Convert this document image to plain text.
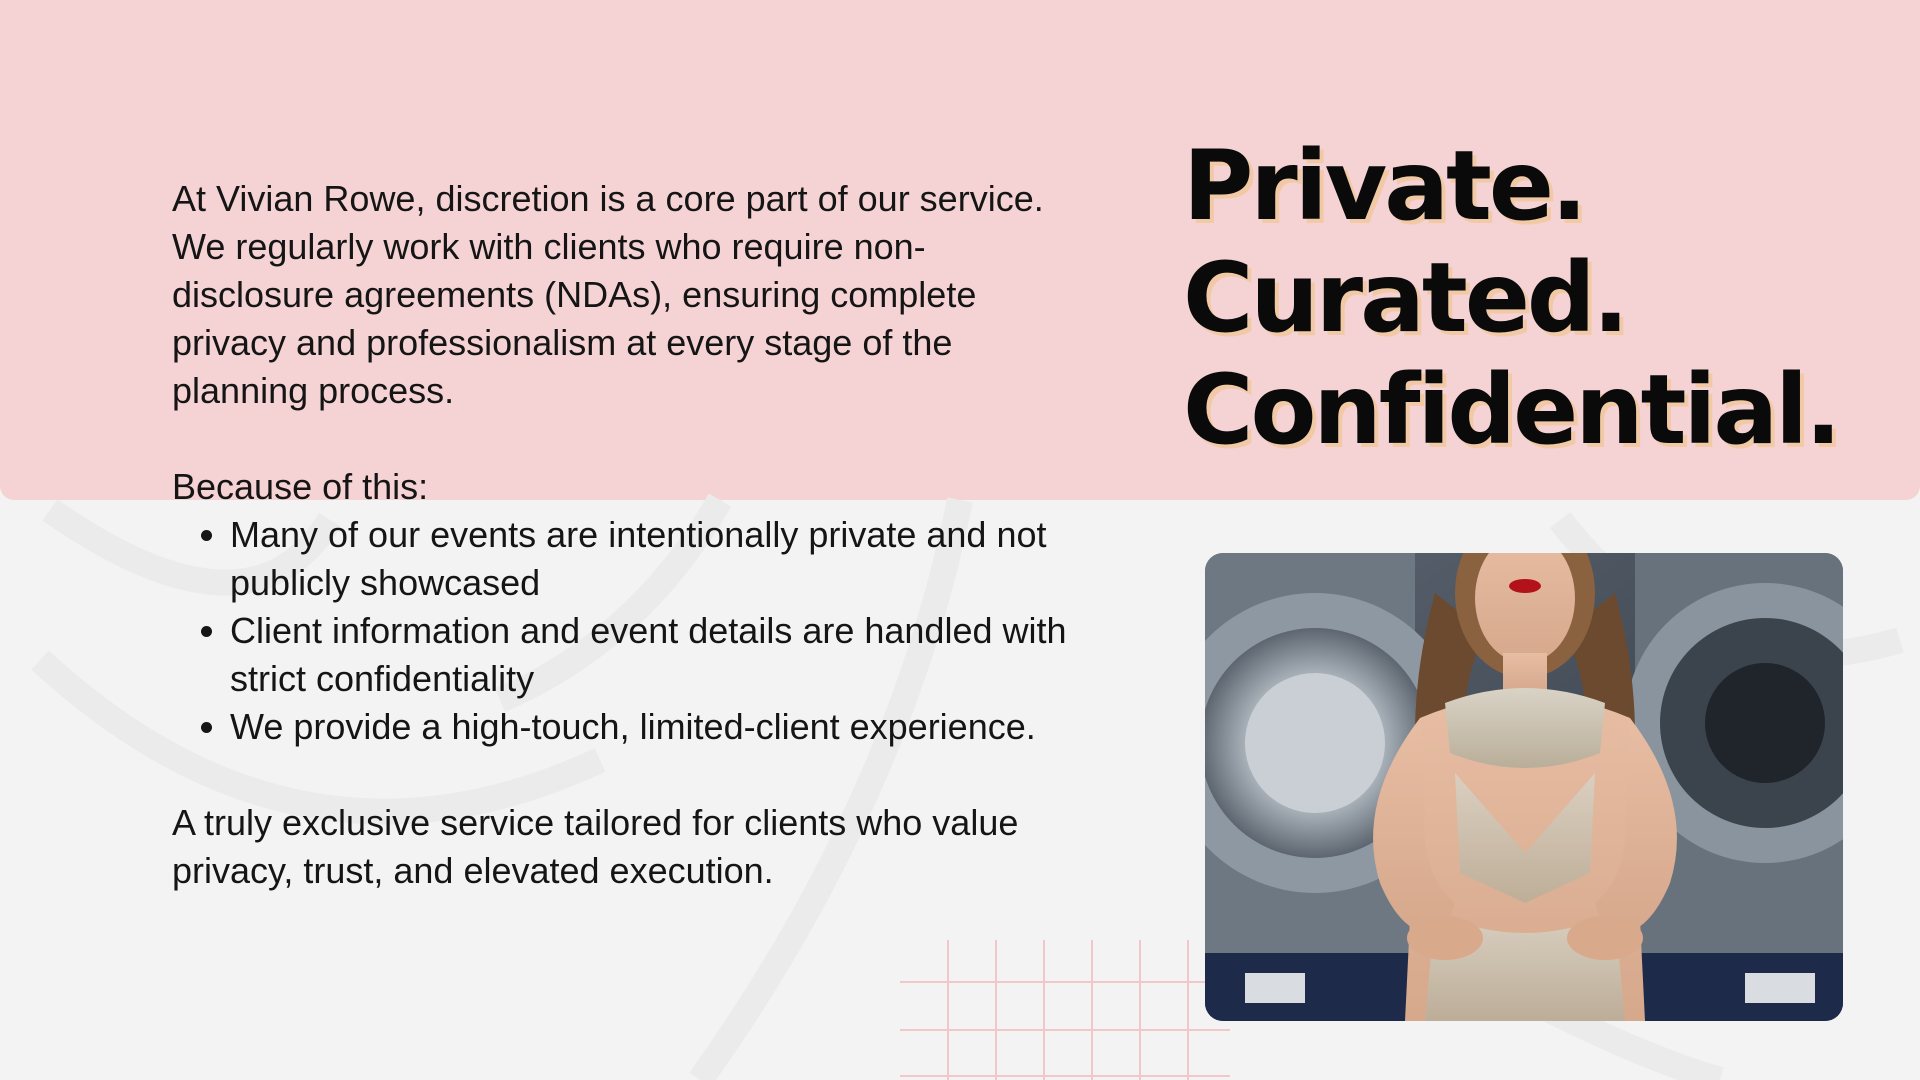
At Vivian Rowe, discretion is a core part of our service.

We regularly work with clients who require non-disclosure agreements (NDAs), ensuring complete privacy and professionalism at every stage of the planning process.

Because of this:

• Many of our events are intentionally private and not publicly showcased
• Client information and event details are handled with strict confidentiality
• We provide a high-touch, limited-client experience.

A truly exclusive service tailored for clients who value privacy, trust, and elevated execution.

Private.
Curated.
Confidential.
